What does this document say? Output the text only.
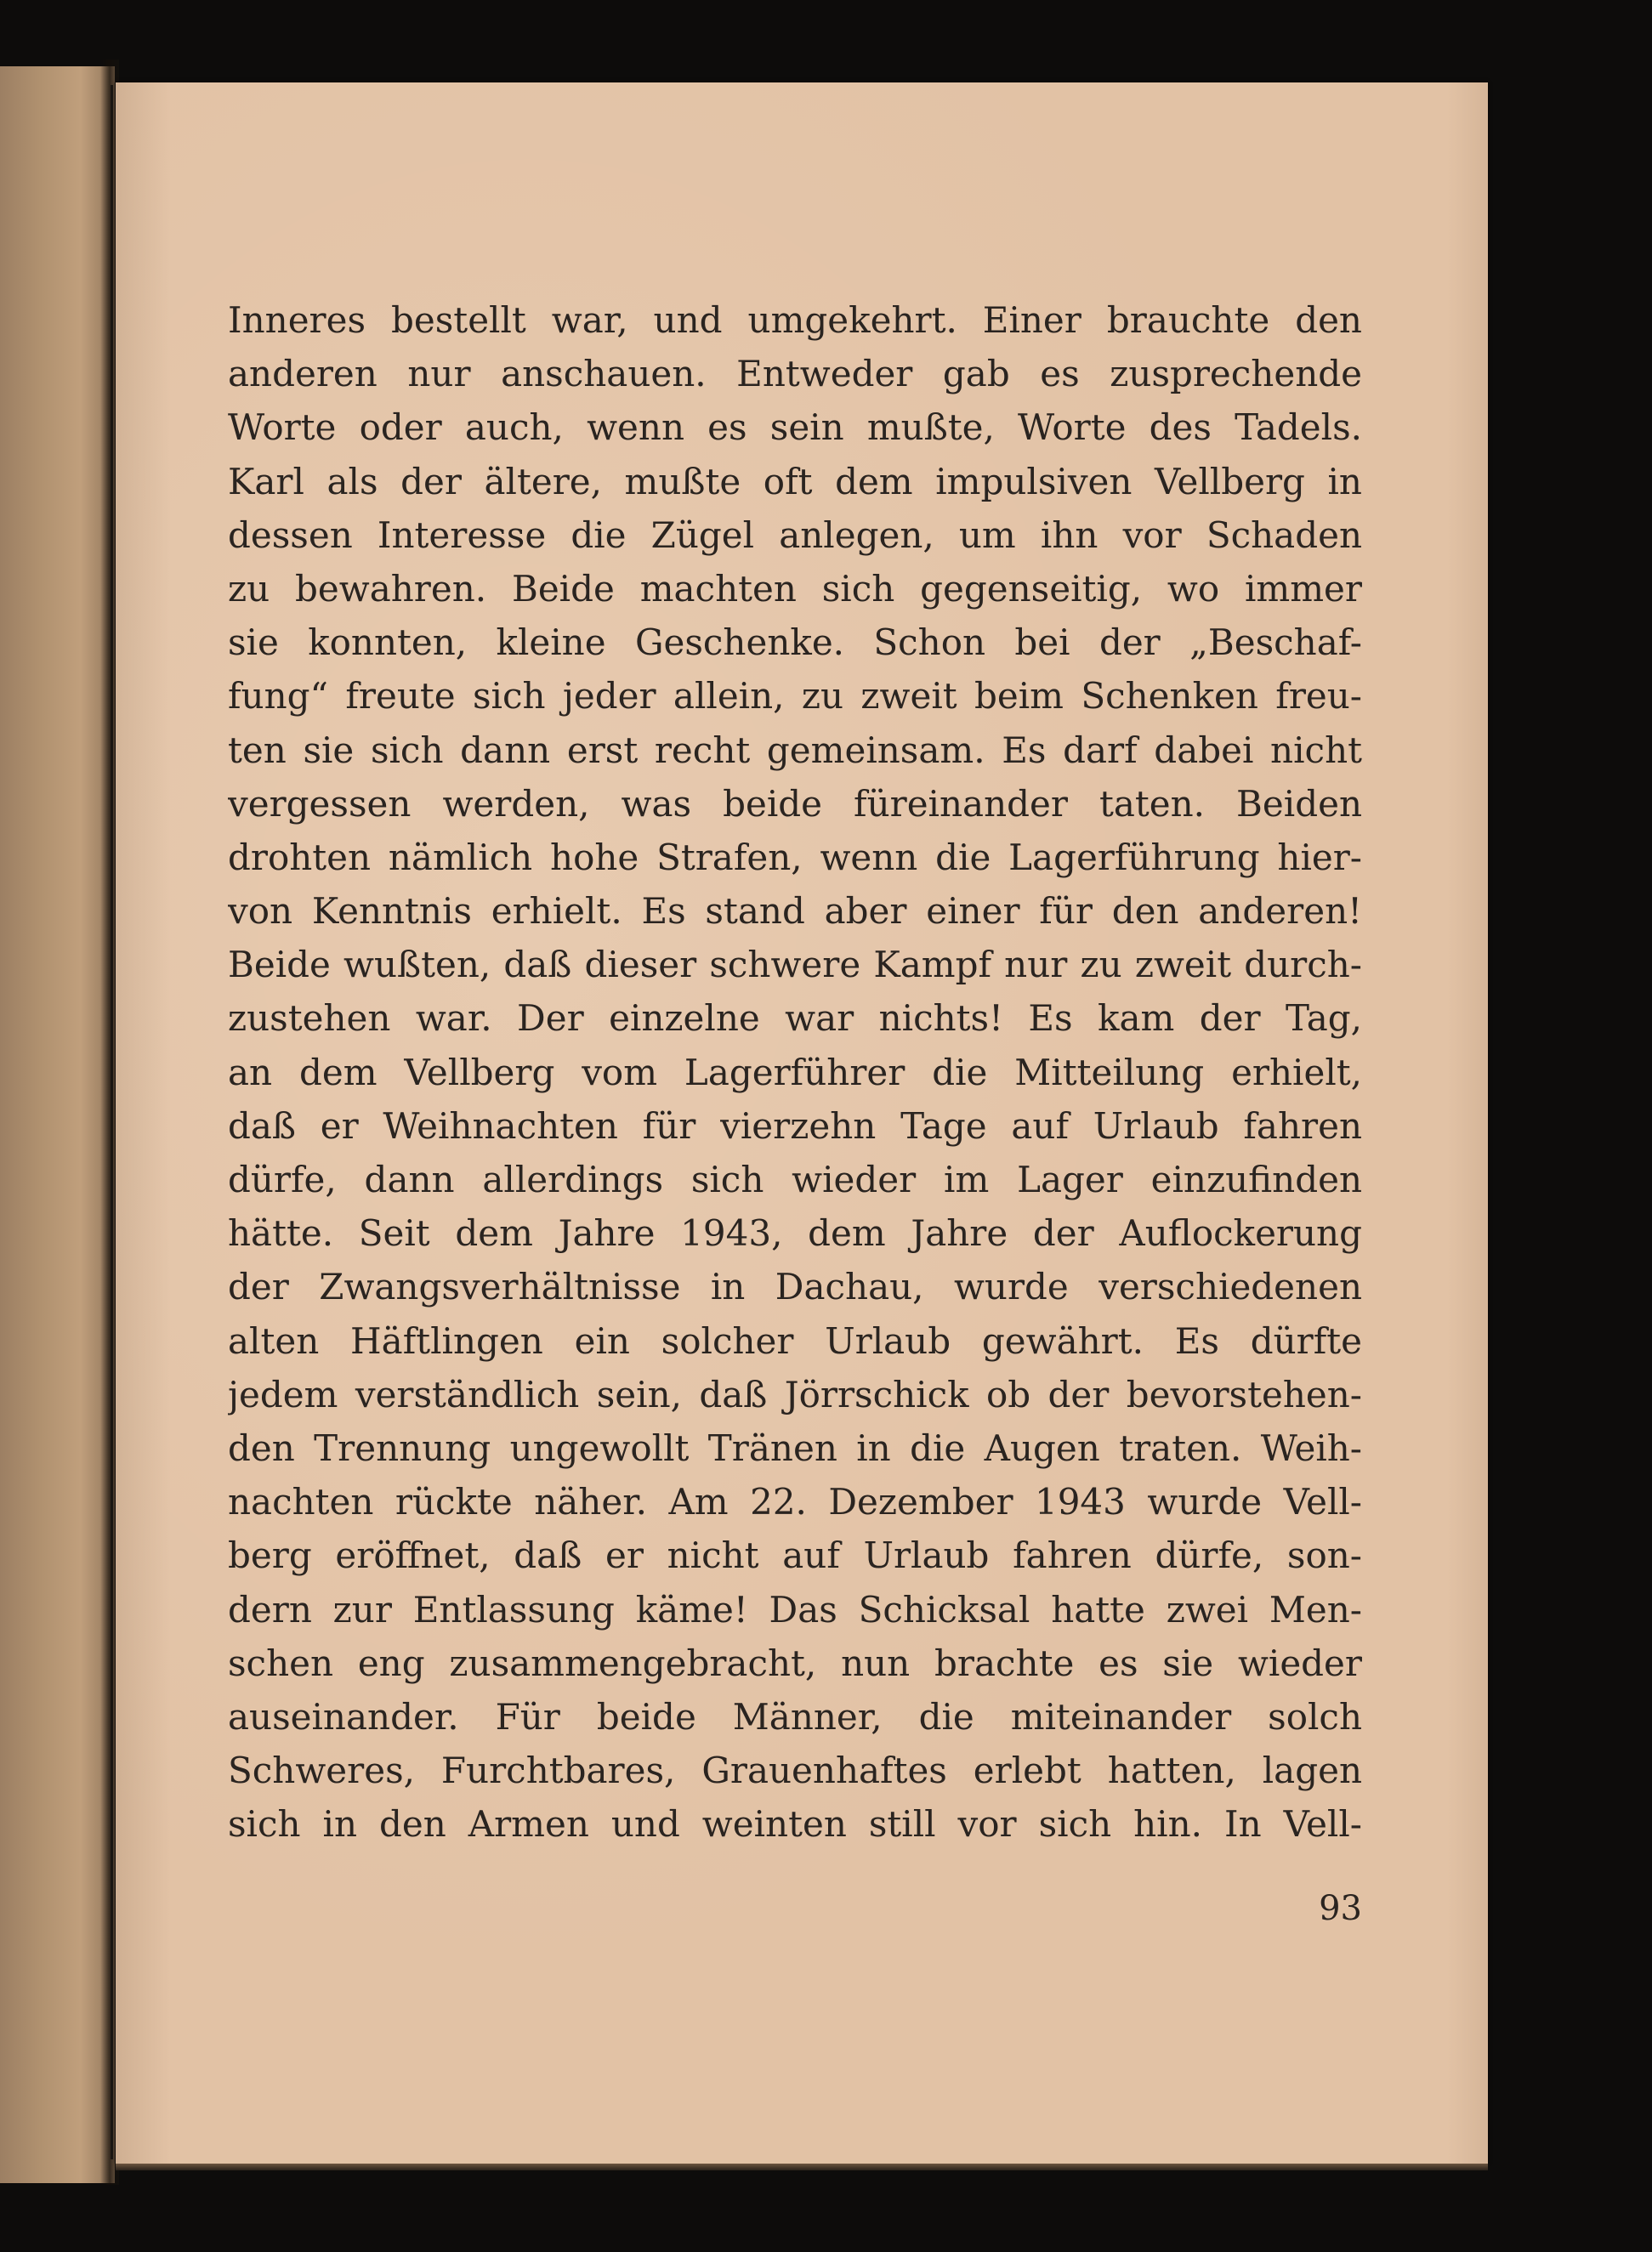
Inneres bestellt war, und umgekehrt. Einer brauchte den
anderen nur anschauen. Entweder gab es zusprechende
Worte oder auch, wenn es sein mußte, Worte des Tadels.
Karl als der ältere, mußte oft dem impulsiven Vellberg in
dessen Interesse die Zügel anlegen, um ihn vor Schaden
zu bewahren. Beide machten sich gegenseitig, wo immer
sie konnten, kleine Geschenke. Schon bei der „Beschaf-
fung“ freute sich jeder allein, zu zweit beim Schenken freu-
ten sie sich dann erst recht gemeinsam. Es darf dabei nicht
vergessen werden, was beide füreinander taten. Beiden
drohten nämlich hohe Strafen, wenn die Lagerführung hier-
von Kenntnis erhielt. Es stand aber einer für den anderen!
Beide wußten, daß dieser schwere Kampf nur zu zweit durch-
zustehen war. Der einzelne war nichts! Es kam der Tag,
an dem Vellberg vom Lagerführer die Mitteilung erhielt,
daß er Weihnachten für vierzehn Tage auf Urlaub fahren
dürfe, dann allerdings sich wieder im Lager einzufinden
hätte. Seit dem Jahre 1943, dem Jahre der Auflockerung
der Zwangsverhältnisse in Dachau, wurde verschiedenen
alten Häftlingen ein solcher Urlaub gewährt. Es dürfte
jedem verständlich sein, daß Jörrschick ob der bevorstehen-
den Trennung ungewollt Tränen in die Augen traten. Weih-
nachten rückte näher. Am 22. Dezember 1943 wurde Vell-
berg eröffnet, daß er nicht auf Urlaub fahren dürfe, son-
dern zur Entlassung käme! Das Schicksal hatte zwei Men-
schen eng zusammengebracht, nun brachte es sie wieder
auseinander. Für beide Männer, die miteinander solch
Schweres, Furchtbares, Grauenhaftes erlebt hatten, lagen
sich in den Armen und weinten still vor sich hin. In Vell-
93
